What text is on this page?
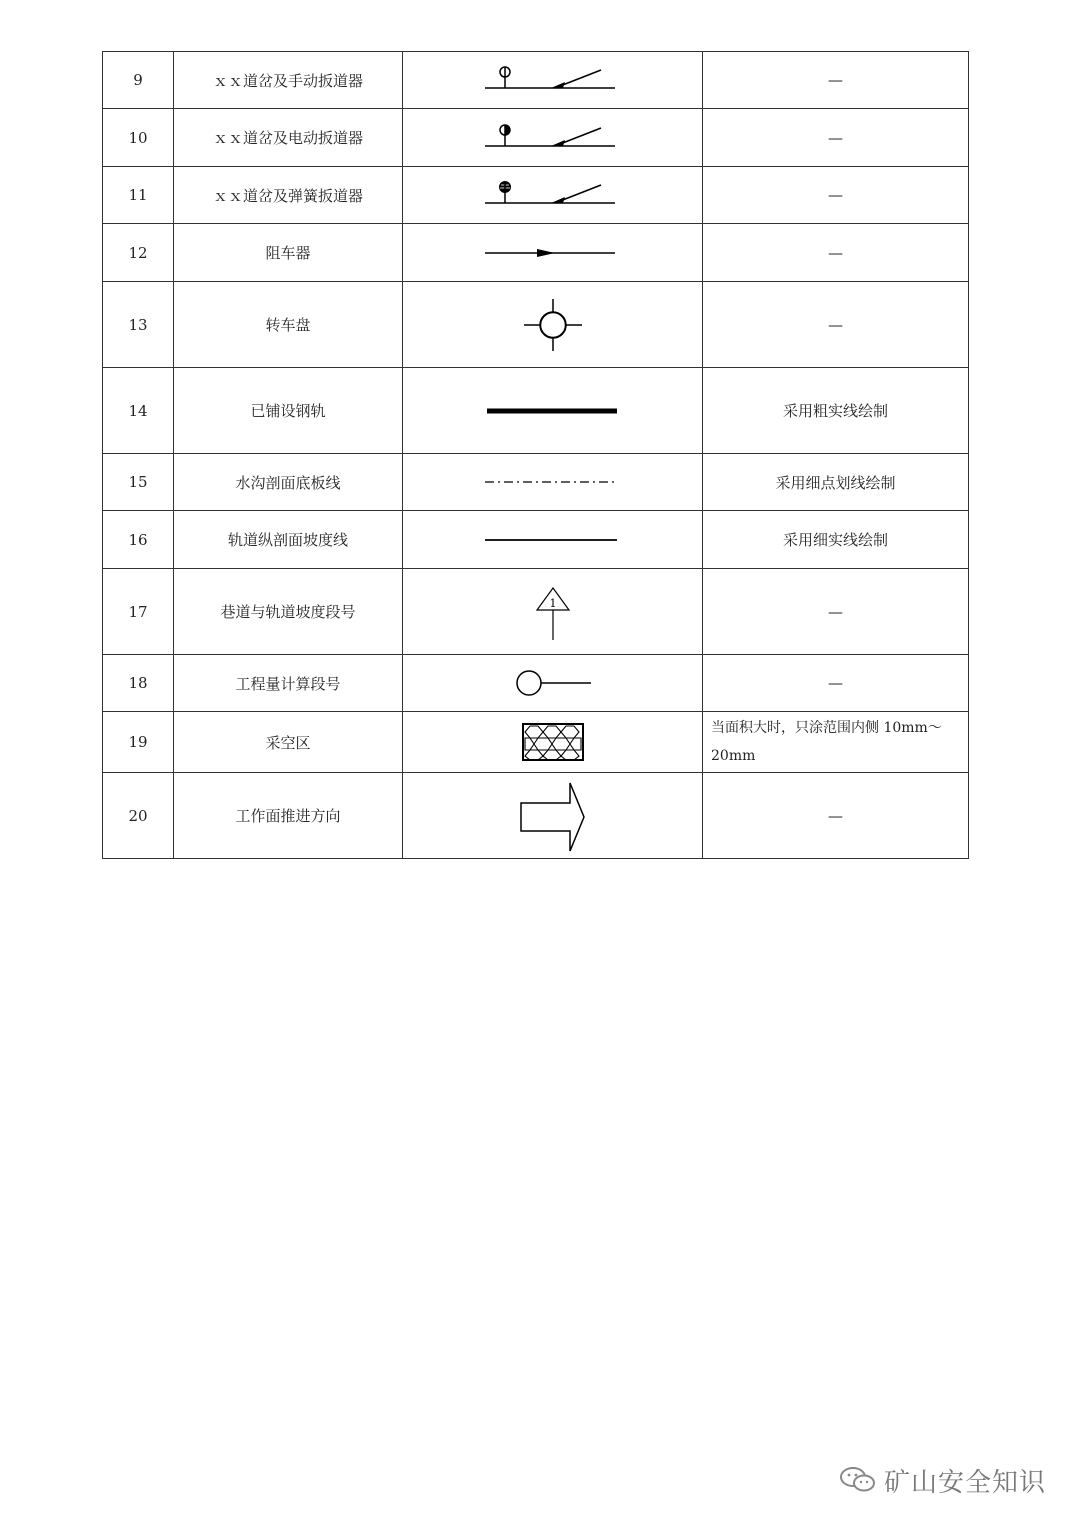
9	ｘｘ道岔及手动扳道器		—
10	ｘｘ道岔及电动扳道器		—
11	ｘｘ道岔及弹簧扳道器		—
12	阻车器		—
13	转车盘		—
14	已铺设钢轨		采用粗实线绘制
15	水沟剖面底板线		采用细点划线绘制
16	轨道纵剖面坡度线		采用细实线绘制
17	巷道与轨道坡度段号	1	—
18	工程量计算段号		—
19	采空区		当面积大时，只涂范围内侧 10mm～20mm
20	工作面推进方向		—
矿山安全知识
